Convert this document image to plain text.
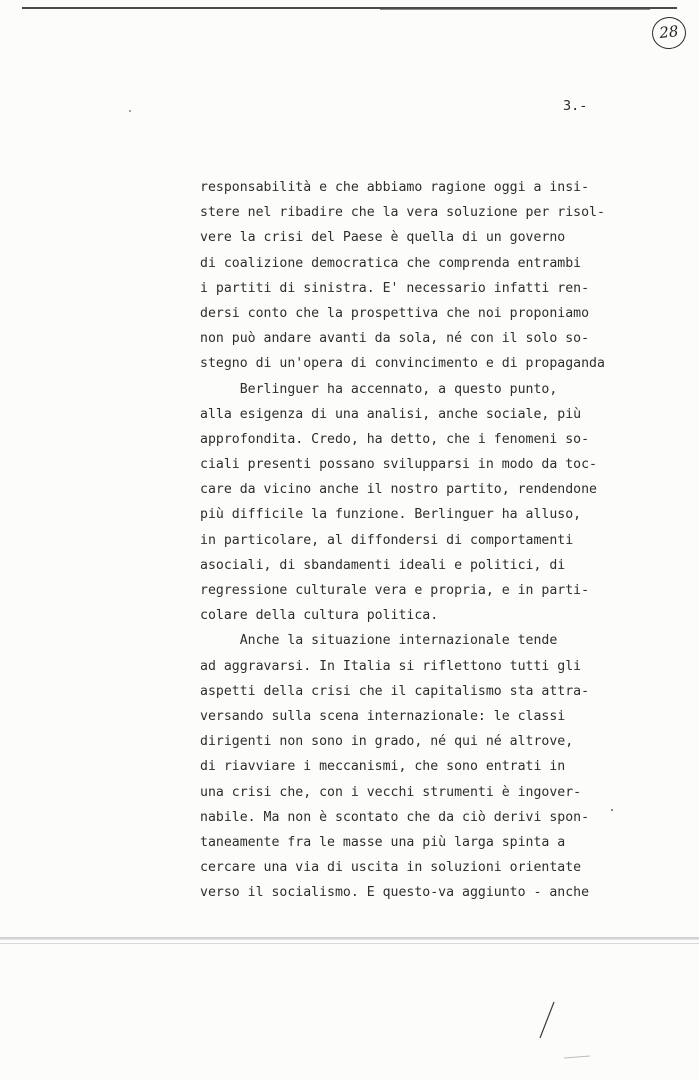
28
3.-
responsabilità e che abbiamo ragione oggi a insi-
stere nel ribadire che la vera soluzione per risol-
vere la crisi del Paese è quella di un governo
di coalizione democratica che comprenda entrambi
i partiti di sinistra. E' necessario infatti ren-
dersi conto che la prospettiva che noi proponiamo
non può andare avanti da sola, né con il solo so-
stegno di un'opera di convincimento e di propaganda
Berlinguer ha accennato, a questo punto,
alla esigenza di una analisi, anche sociale, più
approfondita. Credo, ha detto, che i fenomeni so-
ciali presenti possano svilupparsi in modo da toc-
care da vicino anche il nostro partito, rendendone
più difficile la funzione. Berlinguer ha alluso,
in particolare, al diffondersi di comportamenti
asociali, di sbandamenti ideali e politici, di
regressione culturale vera e propria, e in parti-
colare della cultura politica.
Anche la situazione internazionale tende
ad aggravarsi. In Italia si riflettono tutti gli
aspetti della crisi che il capitalismo sta attra-
versando sulla scena internazionale: le classi
dirigenti non sono in grado, né qui né altrove,
di riavviare i meccanismi, che sono entrati in
una crisi che, con i vecchi strumenti è ingover-
nabile. Ma non è scontato che da ciò derivi spon-
taneamente fra le masse una più larga spinta a
cercare una via di uscita in soluzioni orientate
verso il socialismo. E questo-va aggiunto - anche
